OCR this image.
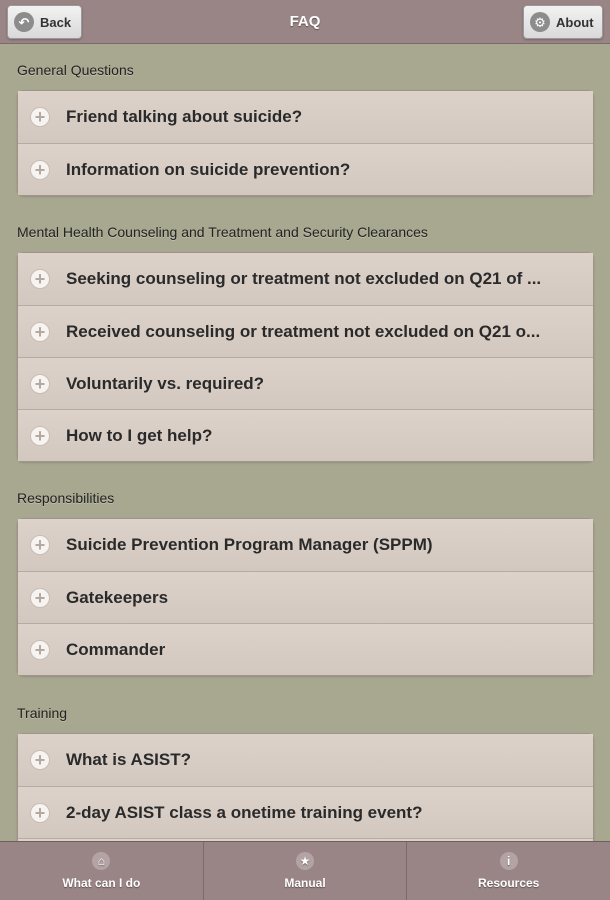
↶ Back	FAQ	⚙ About
General Questions
+ Friend talking about suicide?
+ Information on suicide prevention?
Mental Health Counseling and Treatment and Security Clearances
+ Seeking counseling or treatment not excluded on Q21 of ...
+ Received counseling or treatment not excluded on Q21 o...
+ Voluntarily vs. required?
+ How to I get help?
Responsibilities
+ Suicide Prevention Program Manager (SPPM)
+ Gatekeepers
+ Commander
Training
+ What is ASIST?
+ 2-day ASIST class a onetime training event?
⌂
What can I do
★
Manual
i
Resources
